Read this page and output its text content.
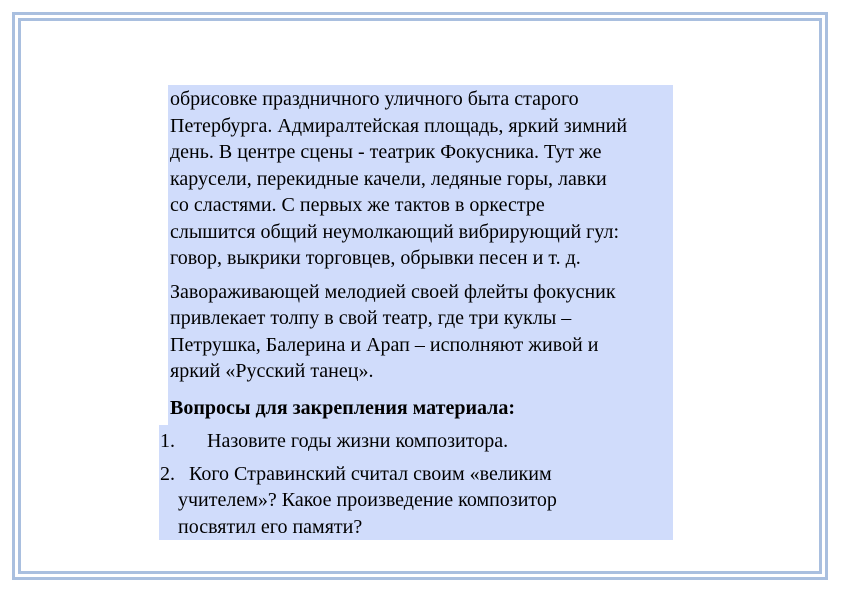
обрисовке праздничного уличного быта старого
Петербурга. Адмиралтейская площадь, яркий зимний
день. В центре сцены - театрик Фокусника. Тут же
карусели, перекидные качели, ледяные горы, лавки
со сластями. С первых же тактов в оркестре
слышится общий неумолкающий вибрирующий гул:
говор, выкрики торговцев, обрывки песен и т. д.

Завораживающей мелодией своей флейты фокусник
привлекает толпу в свой театр, где три куклы –
Петрушка, Балерина и Арап – исполняют живой и
яркий «Русский танец».

Вопросы для закрепления материала:

1. Назовите годы жизни композитора.
2. Кого Стравинский считал своим «великим
учителем»? Какое произведение композитор
посвятил его памяти?
